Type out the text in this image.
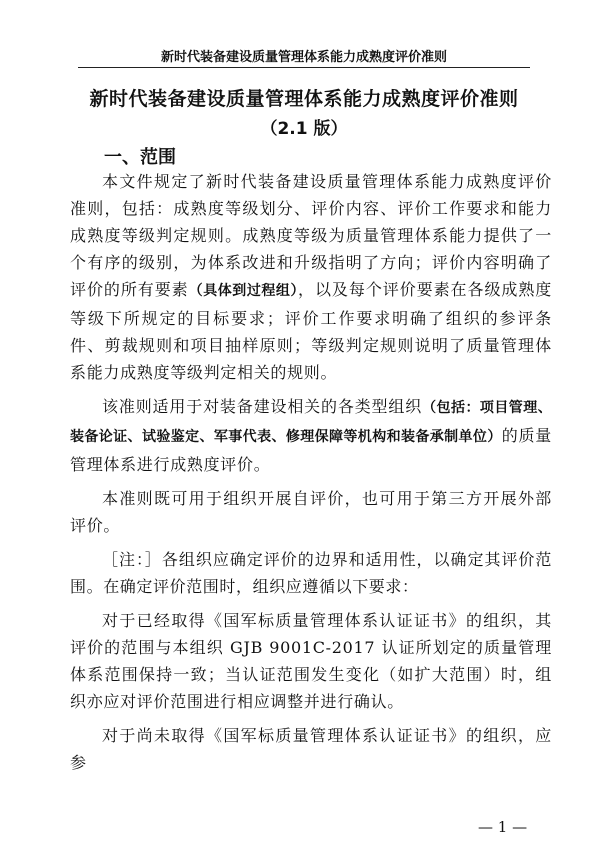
新时代装备建设质量管理体系能力成熟度评价准则
新时代装备建设质量管理体系能力成熟度评价准则
（2.1 版）
一、范围

本文件规定了新时代装备建设质量管理体系能力成熟度评价准则，包括：成熟度等级划分、评价内容、评价工作要求和能力成熟度等级判定规则。成熟度等级为质量管理体系能力提供了一个有序的级别，为体系改进和升级指明了方向；评价内容明确了评价的所有要素（具体到过程组），以及每个评价要素在各级成熟度等级下所规定的目标要求；评价工作要求明确了组织的参评条件、剪裁规则和项目抽样原则；等级判定规则说明了质量管理体系能力成熟度等级判定相关的规则。

该准则适用于对装备建设相关的各类型组织（包括：项目管理、装备论证、试验鉴定、军事代表、修理保障等机构和装备承制单位）的质量管理体系进行成熟度评价。

本准则既可用于组织开展自评价，也可用于第三方开展外部评价。

［注：］各组织应确定评价的边界和适用性，以确定其评价范围。在确定评价范围时，组织应遵循以下要求：

对于已经取得《国军标质量管理体系认证证书》的组织，其评价的范围与本组织 GJB 9001C-2017 认证所划定的质量管理体系范围保持一致；当认证范围发生变化（如扩大范围）时，组织亦应对评价范围进行相应调整并进行确认。

对于尚未取得《国军标质量管理体系认证证书》的组织，应参

— 1 —
